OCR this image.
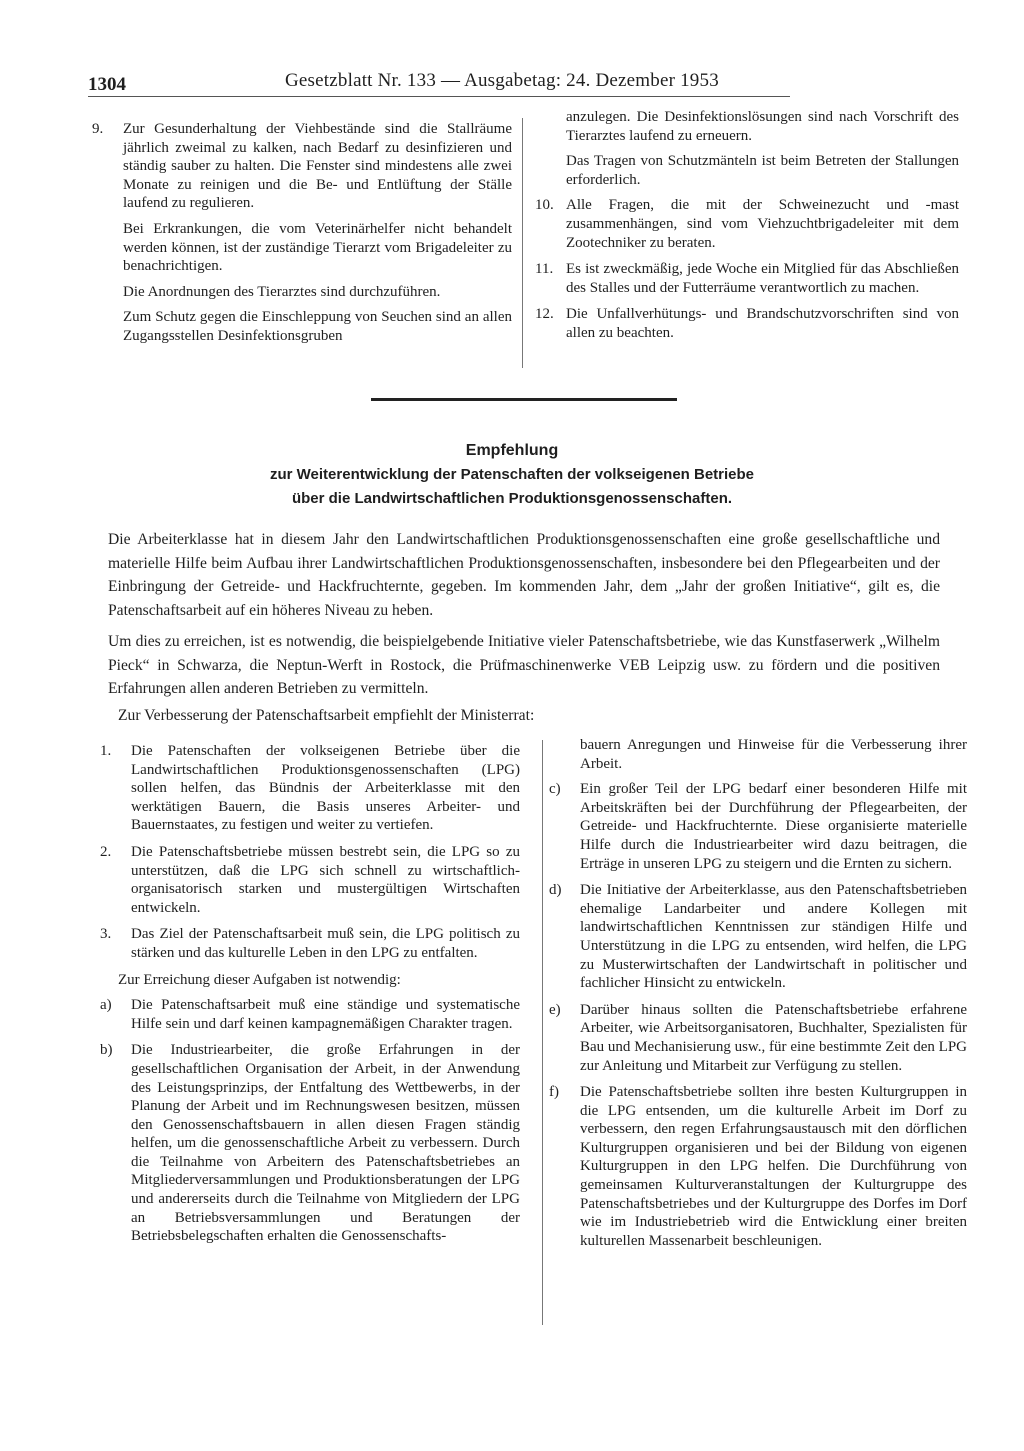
1304	Gesetzblatt Nr. 133 — Ausgabetag: 24. Dezember 1953
9. Zur Gesunderhaltung der Viehbestände sind die Stallräume jährlich zweimal zu kalken, nach Bedarf zu desinfizieren und ständig sauber zu halten. Die Fenster sind mindestens alle zwei Monate zu reinigen und die Be- und Entlüftung der Ställe laufend zu regulieren.

Bei Erkrankungen, die vom Veterinärhelfer nicht behandelt werden können, ist der zuständige Tierarzt vom Brigadeleiter zu benachrichtigen.

Die Anordnungen des Tierarztes sind durchzuführen.

Zum Schutz gegen die Einschleppung von Seuchen sind an allen Zugangsstellen Desinfektionsgruben

anzulegen. Die Desinfektionslösungen sind nach Vorschrift des Tierarztes laufend zu erneuern.

Das Tragen von Schutzmänteln ist beim Betreten der Stallungen erforderlich.

10. Alle Fragen, die mit der Schweinezucht und -mast zusammenhängen, sind vom Viehzuchtbrigadeleiter mit dem Zootechniker zu beraten.
11. Es ist zweckmäßig, jede Woche ein Mitglied für das Abschließen des Stalles und der Futterräume verantwortlich zu machen.
12. Die Unfallverhütungs- und Brandschutzvorschriften sind von allen zu beachten.
Empfehlung
zur Weiterentwicklung der Patenschaften der volkseigenen Betriebe
über die Landwirtschaftlichen Produktionsgenossenschaften.

Die Arbeiterklasse hat in diesem Jahr den Landwirtschaftlichen Produktionsgenossenschaften eine große gesellschaftliche und materielle Hilfe beim Aufbau ihrer Landwirtschaftlichen Produktionsgenossenschaften, insbesondere bei den Pflegearbeiten und der Einbringung der Getreide- und Hackfruchternte, gegeben. Im kommenden Jahr, dem „Jahr der großen Initiative“, gilt es, die Patenschaftsarbeit auf ein höheres Niveau zu heben.

Um dies zu erreichen, ist es notwendig, die beispielgebende Initiative vieler Patenschaftsbetriebe, wie das Kunstfaserwerk „Wilhelm Pieck“ in Schwarza, die Neptun-Werft in Rostock, die Prüfmaschinenwerke VEB Leipzig usw. zu fördern und die positiven Erfahrungen allen anderen Betrieben zu vermitteln.

Zur Verbesserung der Patenschaftsarbeit empfiehlt der Ministerrat:
1. Die Patenschaften der volkseigenen Betriebe über die Landwirtschaftlichen Produktionsgenossenschaften (LPG) sollen helfen, das Bündnis der Arbeiterklasse mit den werktätigen Bauern, die Basis unseres Arbeiter- und Bauernstaates, zu festigen und weiter zu vertiefen.
2. Die Patenschaftsbetriebe müssen bestrebt sein, die LPG so zu unterstützen, daß die LPG sich schnell zu wirtschaftlich-organisatorisch starken und mustergültigen Wirtschaften entwickeln.
3. Das Ziel der Patenschaftsarbeit muß sein, die LPG politisch zu stärken und das kulturelle Leben in den LPG zu entfalten.

Zur Erreichung dieser Aufgaben ist notwendig:

a) Die Patenschaftsarbeit muß eine ständige und systematische Hilfe sein und darf keinen kampagnemäßigen Charakter tragen.
b) Die Industriearbeiter, die große Erfahrungen in der gesellschaftlichen Organisation der Arbeit, in der Anwendung des Leistungsprinzips, der Entfaltung des Wettbewerbs, in der Planung der Arbeit und im Rechnungswesen besitzen, müssen den Genossenschaftsbauern in allen diesen Fragen ständig helfen, um die genossenschaftliche Arbeit zu verbessern. Durch die Teilnahme von Arbeitern des Patenschaftsbetriebes an Mitgliederversammlungen und Produktionsberatungen der LPG und andererseits durch die Teilnahme von Mitgliedern der LPG an Betriebsversammlungen und Beratungen der Betriebsbelegschaften erhalten die Genossenschafts-

bauern Anregungen und Hinweise für die Verbesserung ihrer Arbeit.

c) Ein großer Teil der LPG bedarf einer besonderen Hilfe mit Arbeitskräften bei der Durchführung der Pflegearbeiten, der Getreide- und Hackfruchternte. Diese organisierte materielle Hilfe durch die Industriearbeiter wird dazu beitragen, die Erträge in unseren LPG zu steigern und die Ernten zu sichern.
d) Die Initiative der Arbeiterklasse, aus den Patenschaftsbetrieben ehemalige Landarbeiter und andere Kollegen mit landwirtschaftlichen Kenntnissen zur ständigen Hilfe und Unterstützung in die LPG zu entsenden, wird helfen, die LPG zu Musterwirtschaften der Landwirtschaft in politischer und fachlicher Hinsicht zu entwickeln.
e) Darüber hinaus sollten die Patenschaftsbetriebe erfahrene Arbeiter, wie Arbeitsorganisatoren, Buchhalter, Spezialisten für Bau und Mechanisierung usw., für eine bestimmte Zeit den LPG zur Anleitung und Mitarbeit zur Verfügung zu stellen.
f) Die Patenschaftsbetriebe sollten ihre besten Kulturgruppen in die LPG entsenden, um die kulturelle Arbeit im Dorf zu verbessern, den regen Erfahrungsaustausch mit den dörflichen Kulturgruppen organisieren und bei der Bildung von eigenen Kulturgruppen in den LPG helfen. Die Durchführung von gemeinsamen Kulturveranstaltungen der Kulturgruppe des Patenschaftsbetriebes und der Kulturgruppe des Dorfes im Dorf wie im Industriebetrieb wird die Entwicklung einer breiten kulturellen Massenarbeit beschleunigen.
